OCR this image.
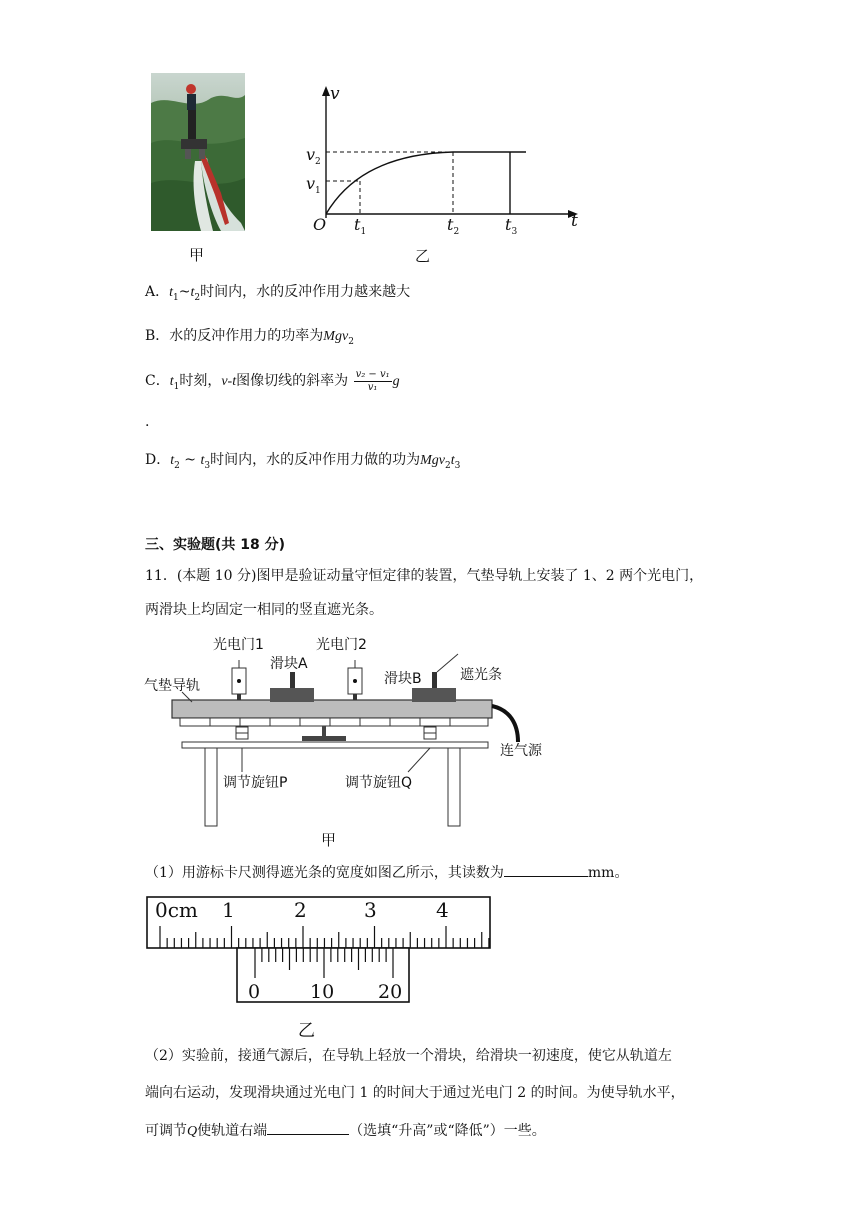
甲
v
t
O
$v_2$
$v_1$
$t_1$	$t_2$	$t_3$
乙
A．$t_1\sim t_2$时间内，水的反冲作用力越来越大
B．水的反冲作用力的功率为Mgv$_2$
C．$t_1$时刻，v-t图像切线的斜率为 $\frac{\text{v₂ − v₁}}{\text{v₁}}$ g
.
D．$t_2$ ~ $t_3$时间内，水的反冲作用力做的功为$Mgv_2t_3$
三、实验题(共 18 分)
11．(本题 10 分)图甲是验证动量守恒定律的装置，气垫导轨上安装了 1、2 两个光电门，
两滑块上均固定一相同的竖直遮光条。
光电门1	光电门2
滑块A
滑块B	遮光条
气垫导轨
连气源
调节旋钮P	调节旋钮Q
甲
（1）用游标卡尺测得遮光条的宽度如图乙所示，其读数为	mm。
0cm 1	2	3	4
0	10 20
乙
（2）实验前，接通气源后，在导轨上轻放一个滑块，给滑块一初速度，使它从轨道左
端向右运动，发现滑块通过光电门 1 的时间大于通过光电门 2 的时间。为使导轨水平，
可调节Q使轨道右端	（选填“升高”或“降低”）一些。
